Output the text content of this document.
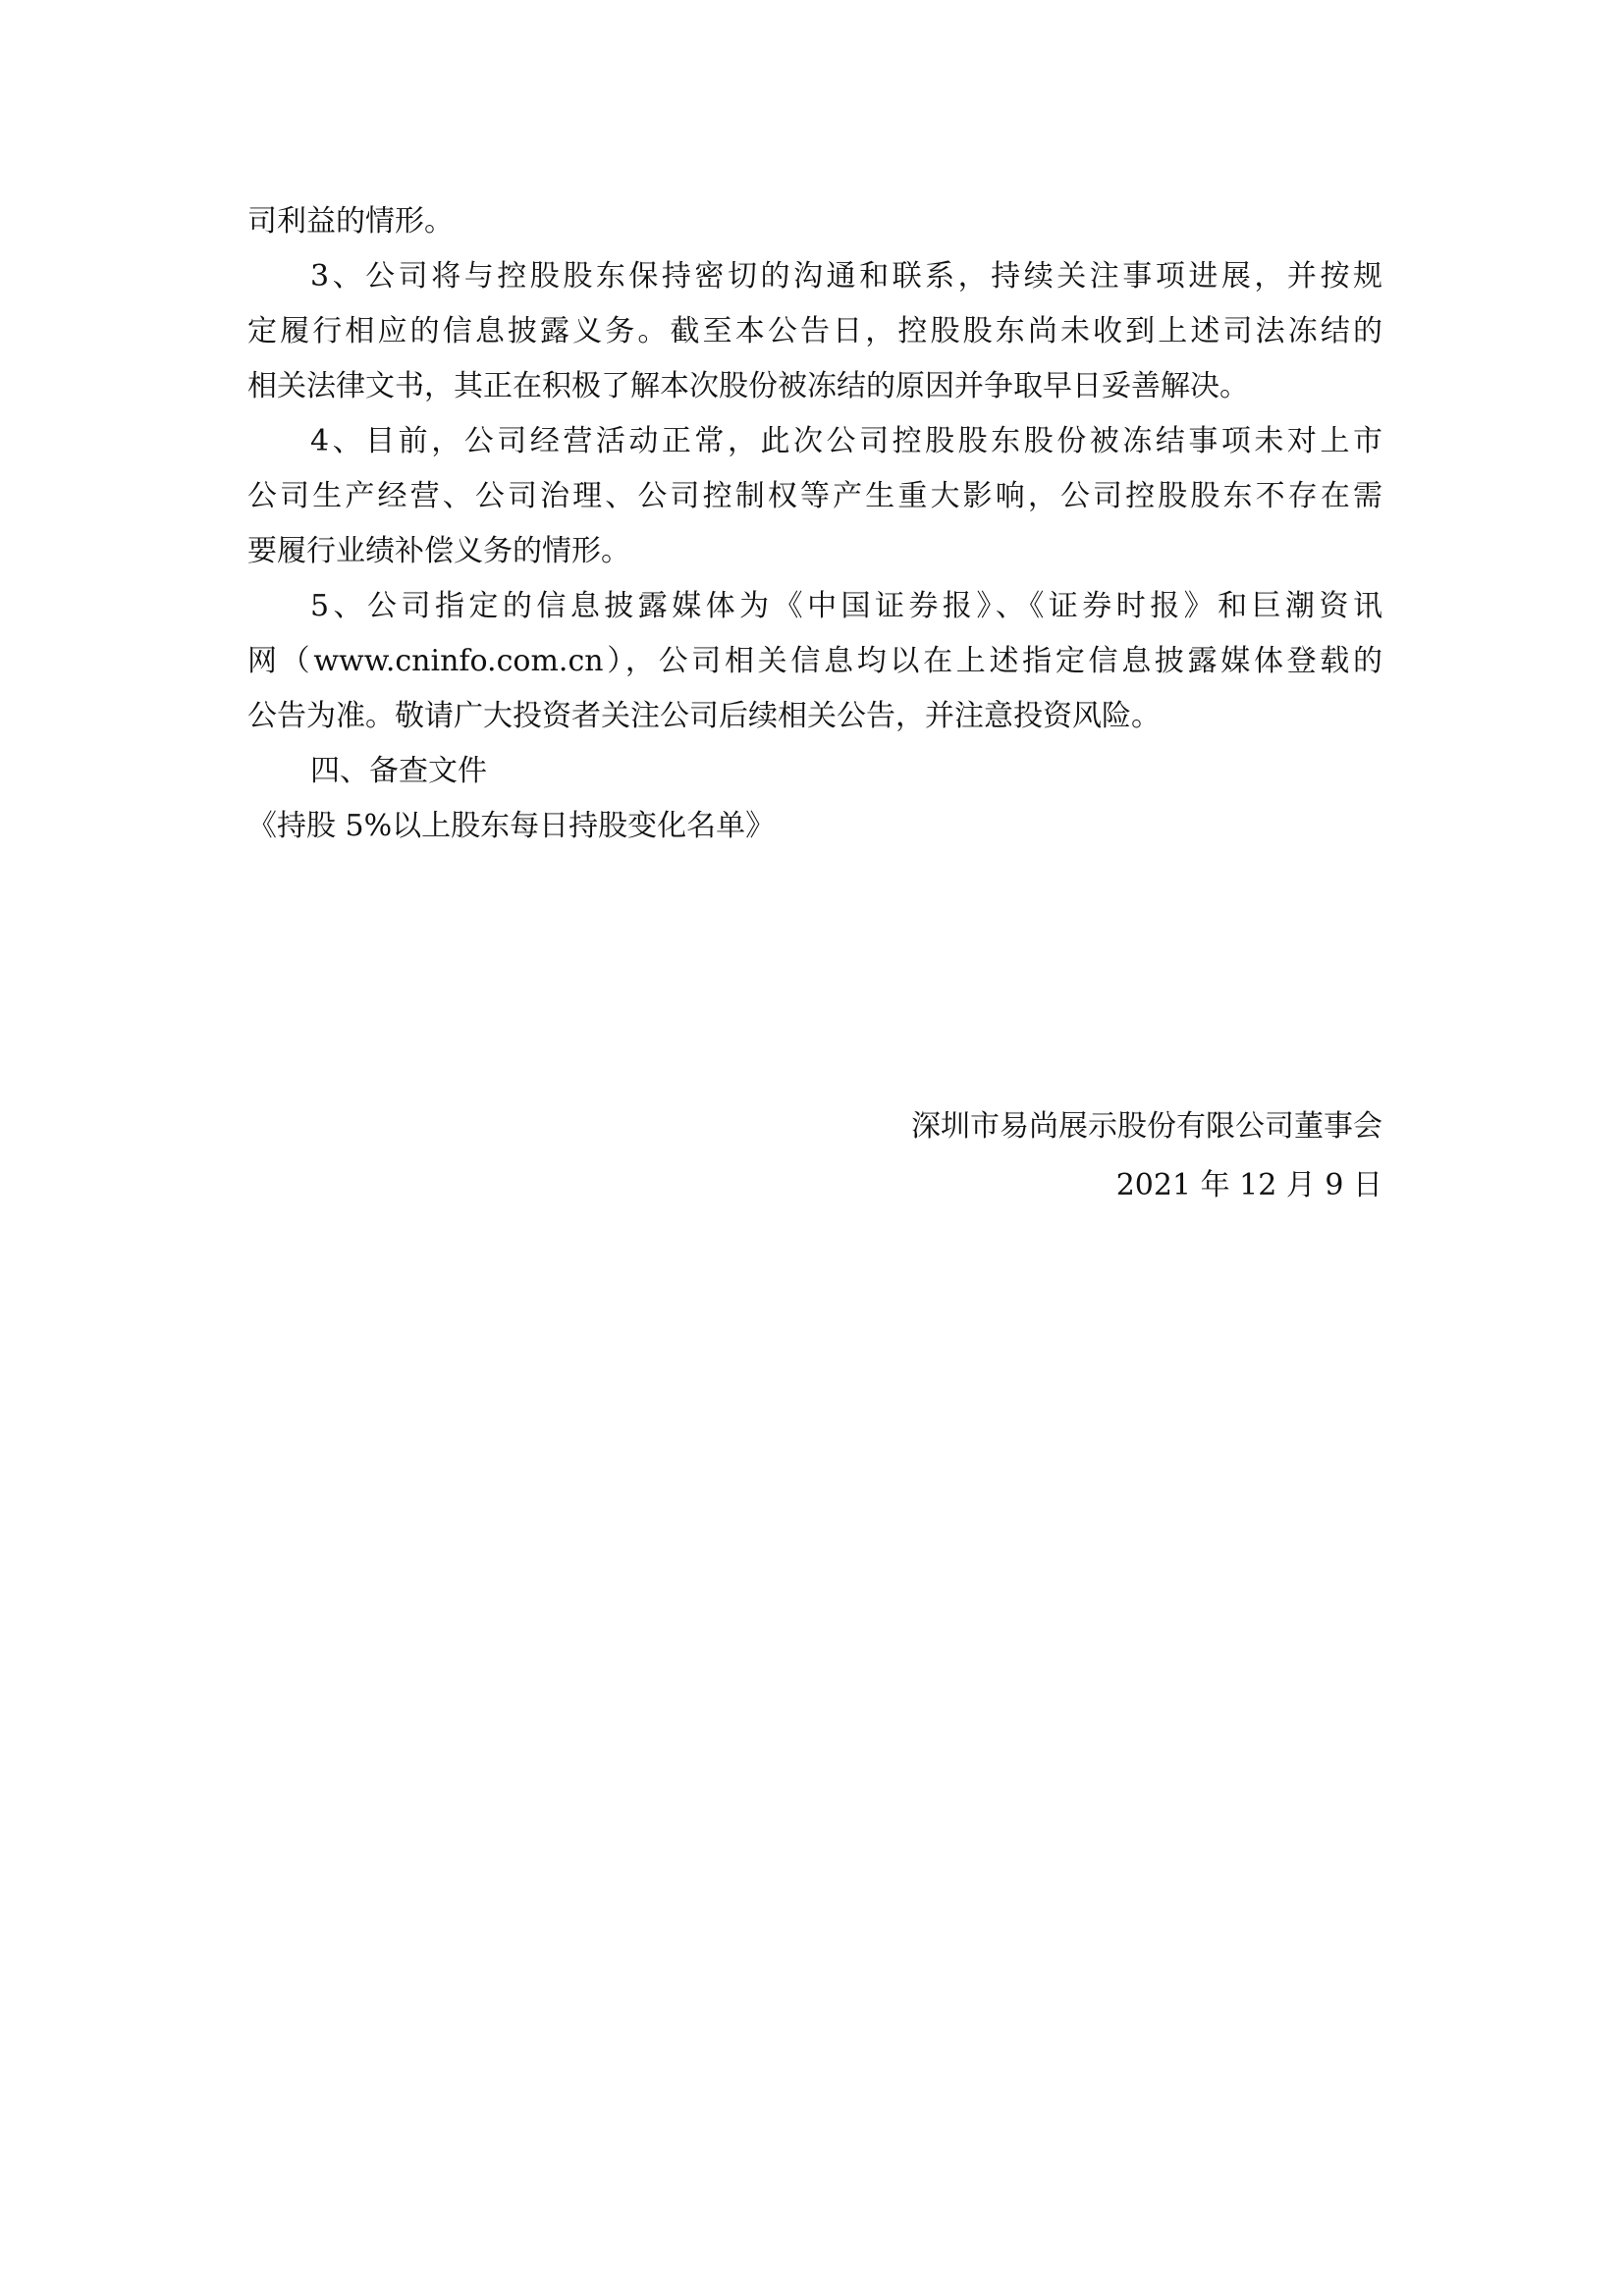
司利益的情形。
3、公司将与控股股东保持密切的沟通和联系，持续关注事项进展，并按规
定履行相应的信息披露义务。截至本公告日，控股股东尚未收到上述司法冻结的
相关法律文书，其正在积极了解本次股份被冻结的原因并争取早日妥善解决。
4、目前，公司经营活动正常，此次公司控股股东股份被冻结事项未对上市
公司生产经营、公司治理、公司控制权等产生重大影响，公司控股股东不存在需
要履行业绩补偿义务的情形。
5、公司指定的信息披露媒体为《中国证券报》、《证券时报》和巨潮资讯
网（www.cninfo.com.cn），公司相关信息均以在上述指定信息披露媒体登载的
公告为准。敬请广大投资者关注公司后续相关公告，并注意投资风险。
四、备查文件
《持股 5%以上股东每日持股变化名单》
深圳市易尚展示股份有限公司董事会
2021 年 12 月 9 日
